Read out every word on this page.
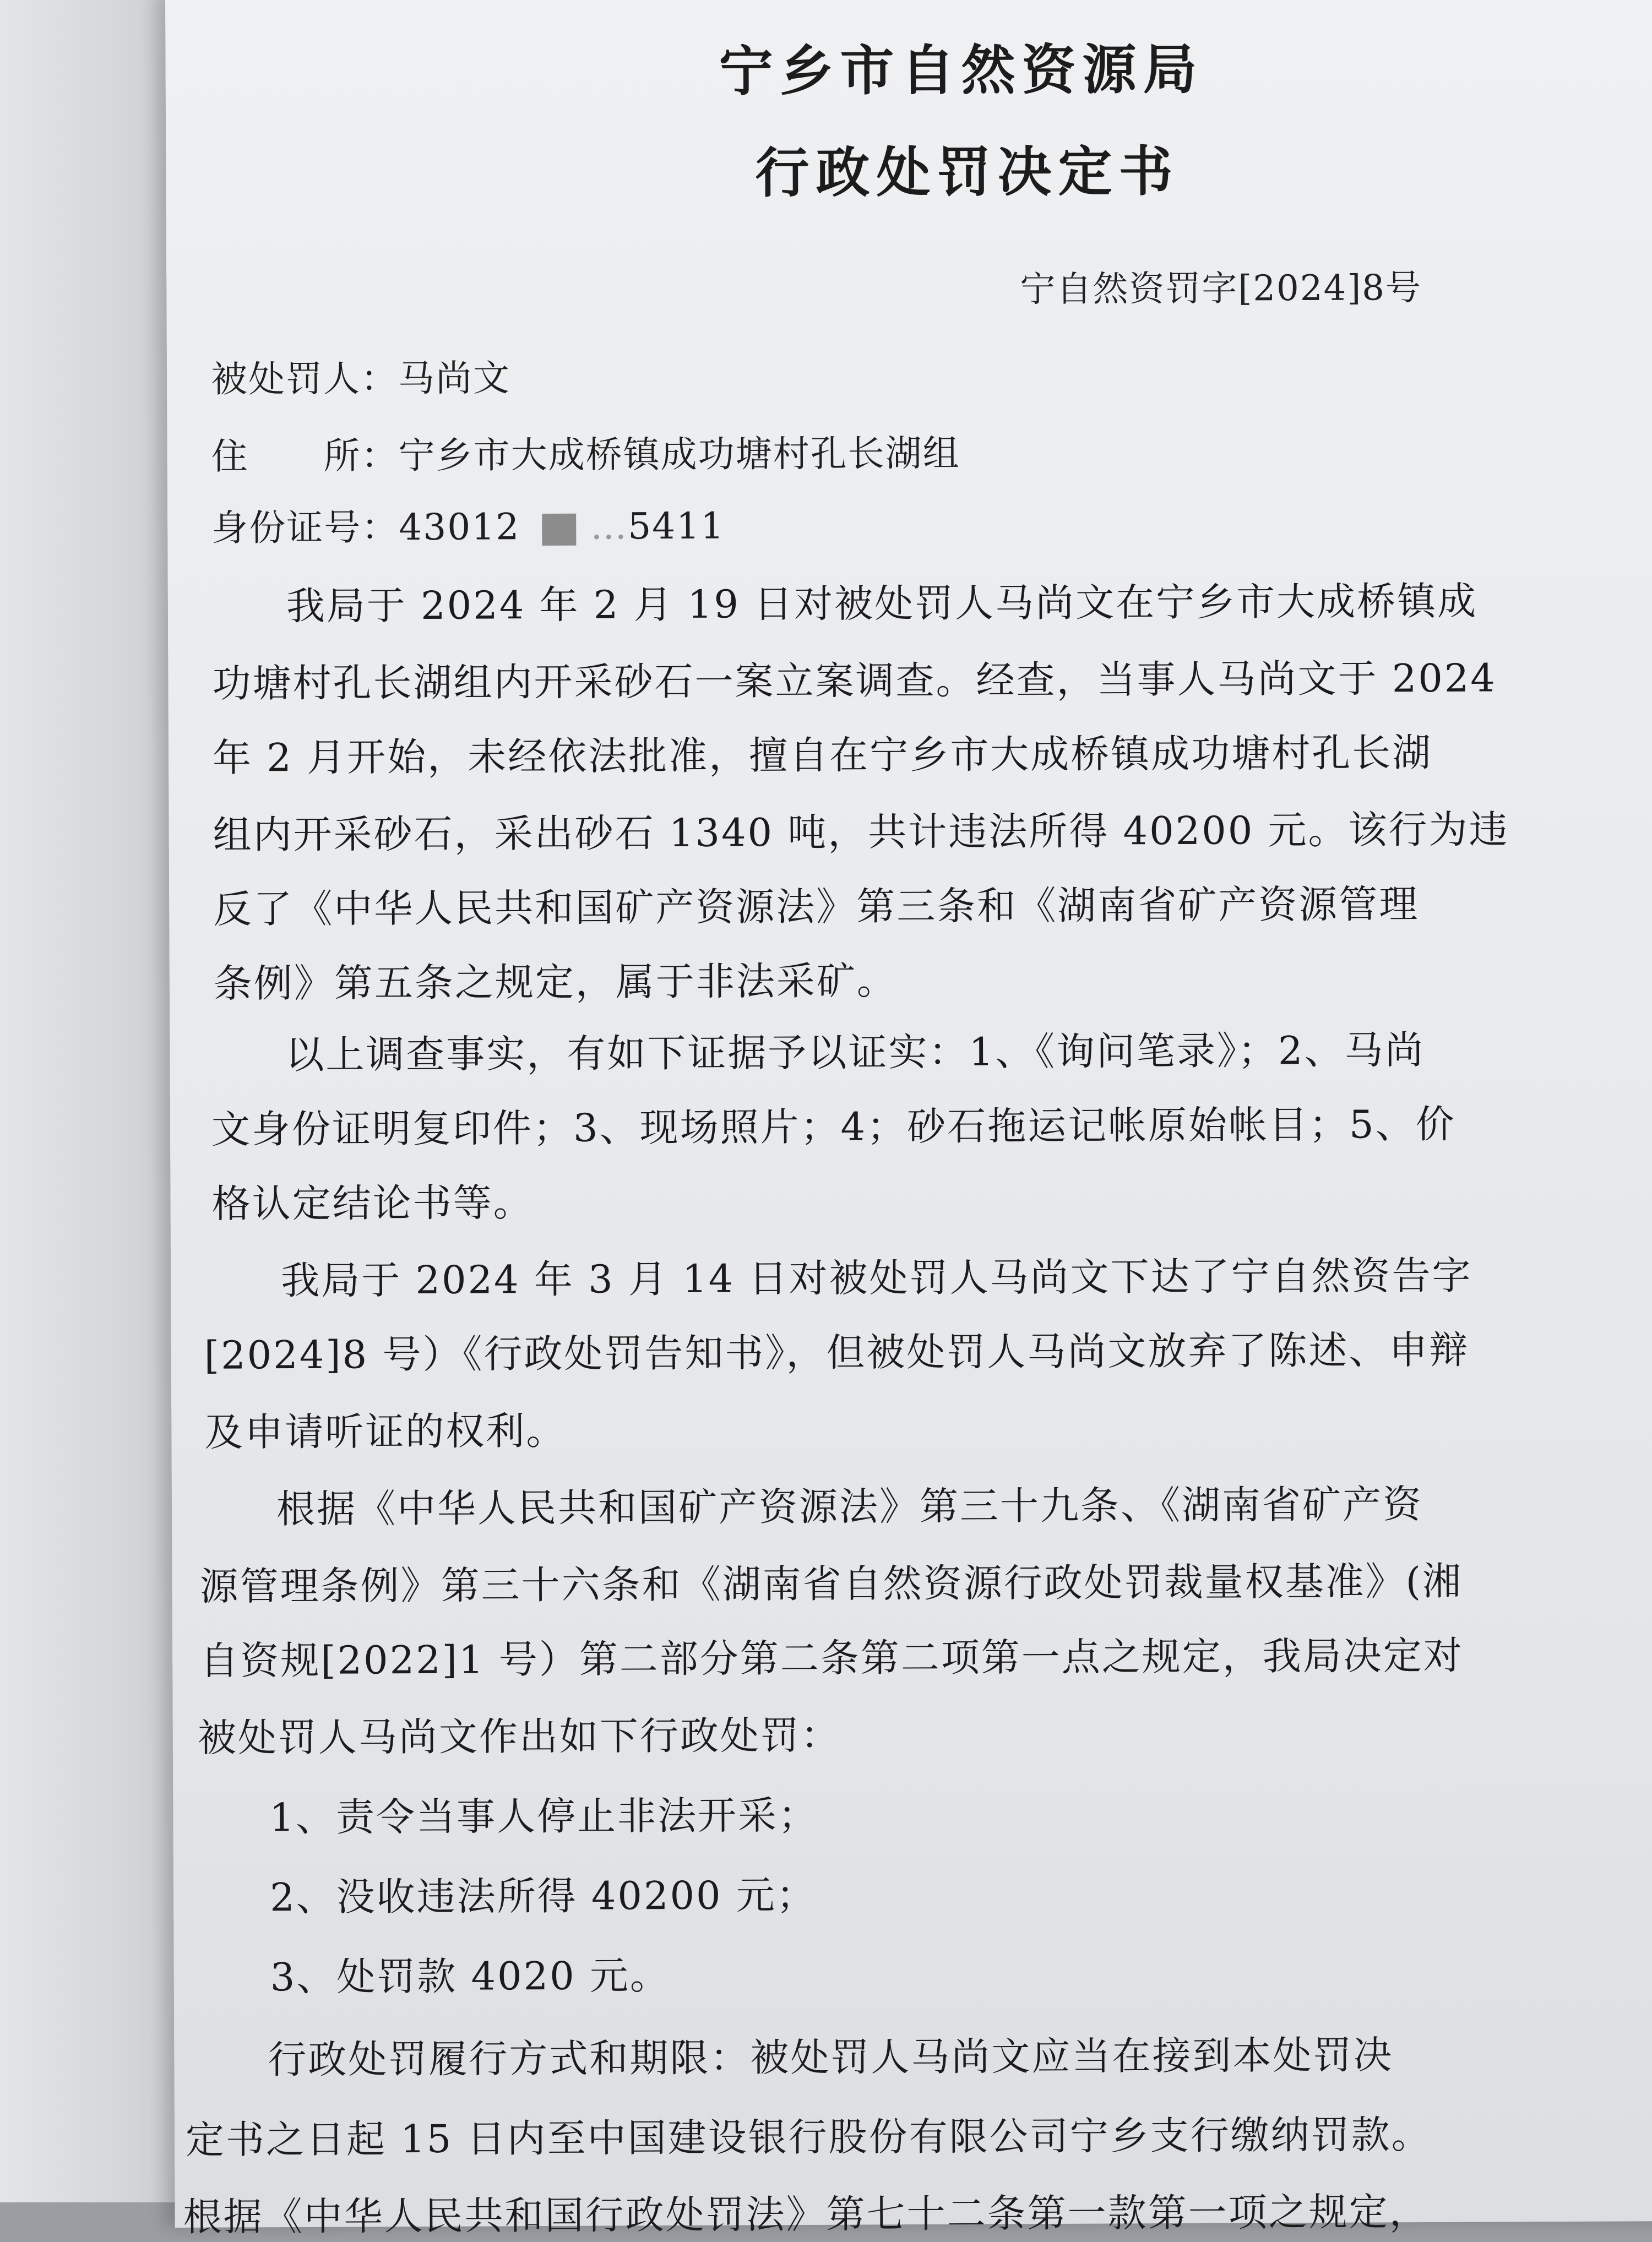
宁乡市自然资源局
行政处罚决定书
宁自然资罚字[2024]8号
被处罚人：马尚文
住　　所：宁乡市大成桥镇成功塘村孔长湖组
身份证号：43012 …5411
我局于 2024 年 2 月 19 日对被处罚人马尚文在宁乡市大成桥镇成
功塘村孔长湖组内开采砂石一案立案调查。经查，当事人马尚文于 2024
年 2 月开始，未经依法批准，擅自在宁乡市大成桥镇成功塘村孔长湖
组内开采砂石，采出砂石 1340 吨，共计违法所得 40200 元。该行为违
反了《中华人民共和国矿产资源法》第三条和《湖南省矿产资源管理
条例》第五条之规定，属于非法采矿。
以上调查事实，有如下证据予以证实：1、《询问笔录》；2、马尚
文身份证明复印件；3、现场照片；4；砂石拖运记帐原始帐目；5、价
格认定结论书等。
我局于 2024 年 3 月 14 日对被处罚人马尚文下达了宁自然资告字
[2024]8 号）《行政处罚告知书》，但被处罚人马尚文放弃了陈述、申辩
及申请听证的权利。
根据《中华人民共和国矿产资源法》第三十九条、《湖南省矿产资
源管理条例》第三十六条和《湖南省自然资源行政处罚裁量权基准》(湘
自资规[2022]1 号）第二部分第二条第二项第一点之规定，我局决定对
被处罚人马尚文作出如下行政处罚：
1、责令当事人停止非法开采；
2、没收违法所得 40200 元；
3、处罚款 4020 元。
行政处罚履行方式和期限：被处罚人马尚文应当在接到本处罚决
定书之日起 15 日内至中国建设银行股份有限公司宁乡支行缴纳罚款。
根据《中华人民共和国行政处罚法》第七十二条第一款第一项之规定，
